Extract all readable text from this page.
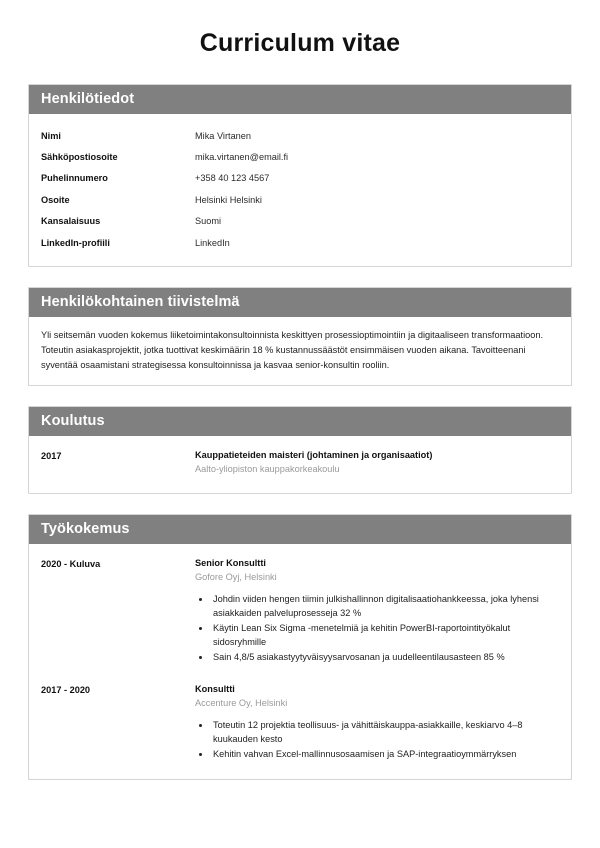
Curriculum vitae
Henkilötiedot
Nimi	Mika Virtanen
Sähköpostiosoite	mika.virtanen@email.fi
Puhelinnumero	+358 40 123 4567
Osoite	Helsinki Helsinki
Kansalaisuus	Suomi
LinkedIn-profiili	LinkedIn
Henkilökohtainen tiivistelmä

Yli seitsemän vuoden kokemus liiketoimintakonsultoinnista keskittyen prosessioptimointiin ja digitaaliseen transformaatioon. Toteutin asiakasprojektit, jotka tuottivat keskimäärin 18 % kustannussäästöt ensimmäisen vuoden aikana. Tavoitteenani syventää osaamistani strategisessa konsultoinnissa ja kasvaa senior-konsultin rooliin.

Koulutus
2017	Kauppatieteiden maisteri (johtaminen ja organisaatiot)
Aalto-yliopiston kauppakorkeakoulu
Työkokemus
2020 - Kuluva	Senior Konsultti
Gofore Oyj, Helsinki
• Johdin viiden hengen tiimin julkishallinnon digitalisaatiohankkeessa, joka lyhensi asiakkaiden palveluprosesseja 32 %
• Käytin Lean Six Sigma -menetelmiä ja kehitin PowerBI-raportointityökalut sidosryhmille
• Sain 4,8/5 asiakastyytyväisyysarvosanan ja uudelleentilausasteen 85 %
2017 - 2020	Konsultti
Accenture Oy, Helsinki
• Toteutin 12 projektia teollisuus- ja vähittäiskauppa-asiakkaille, keskiarvo 4–8 kuukauden kesto
• Kehitin vahvan Excel-mallinnusosaamisen ja SAP-integraatioymmärryksen
